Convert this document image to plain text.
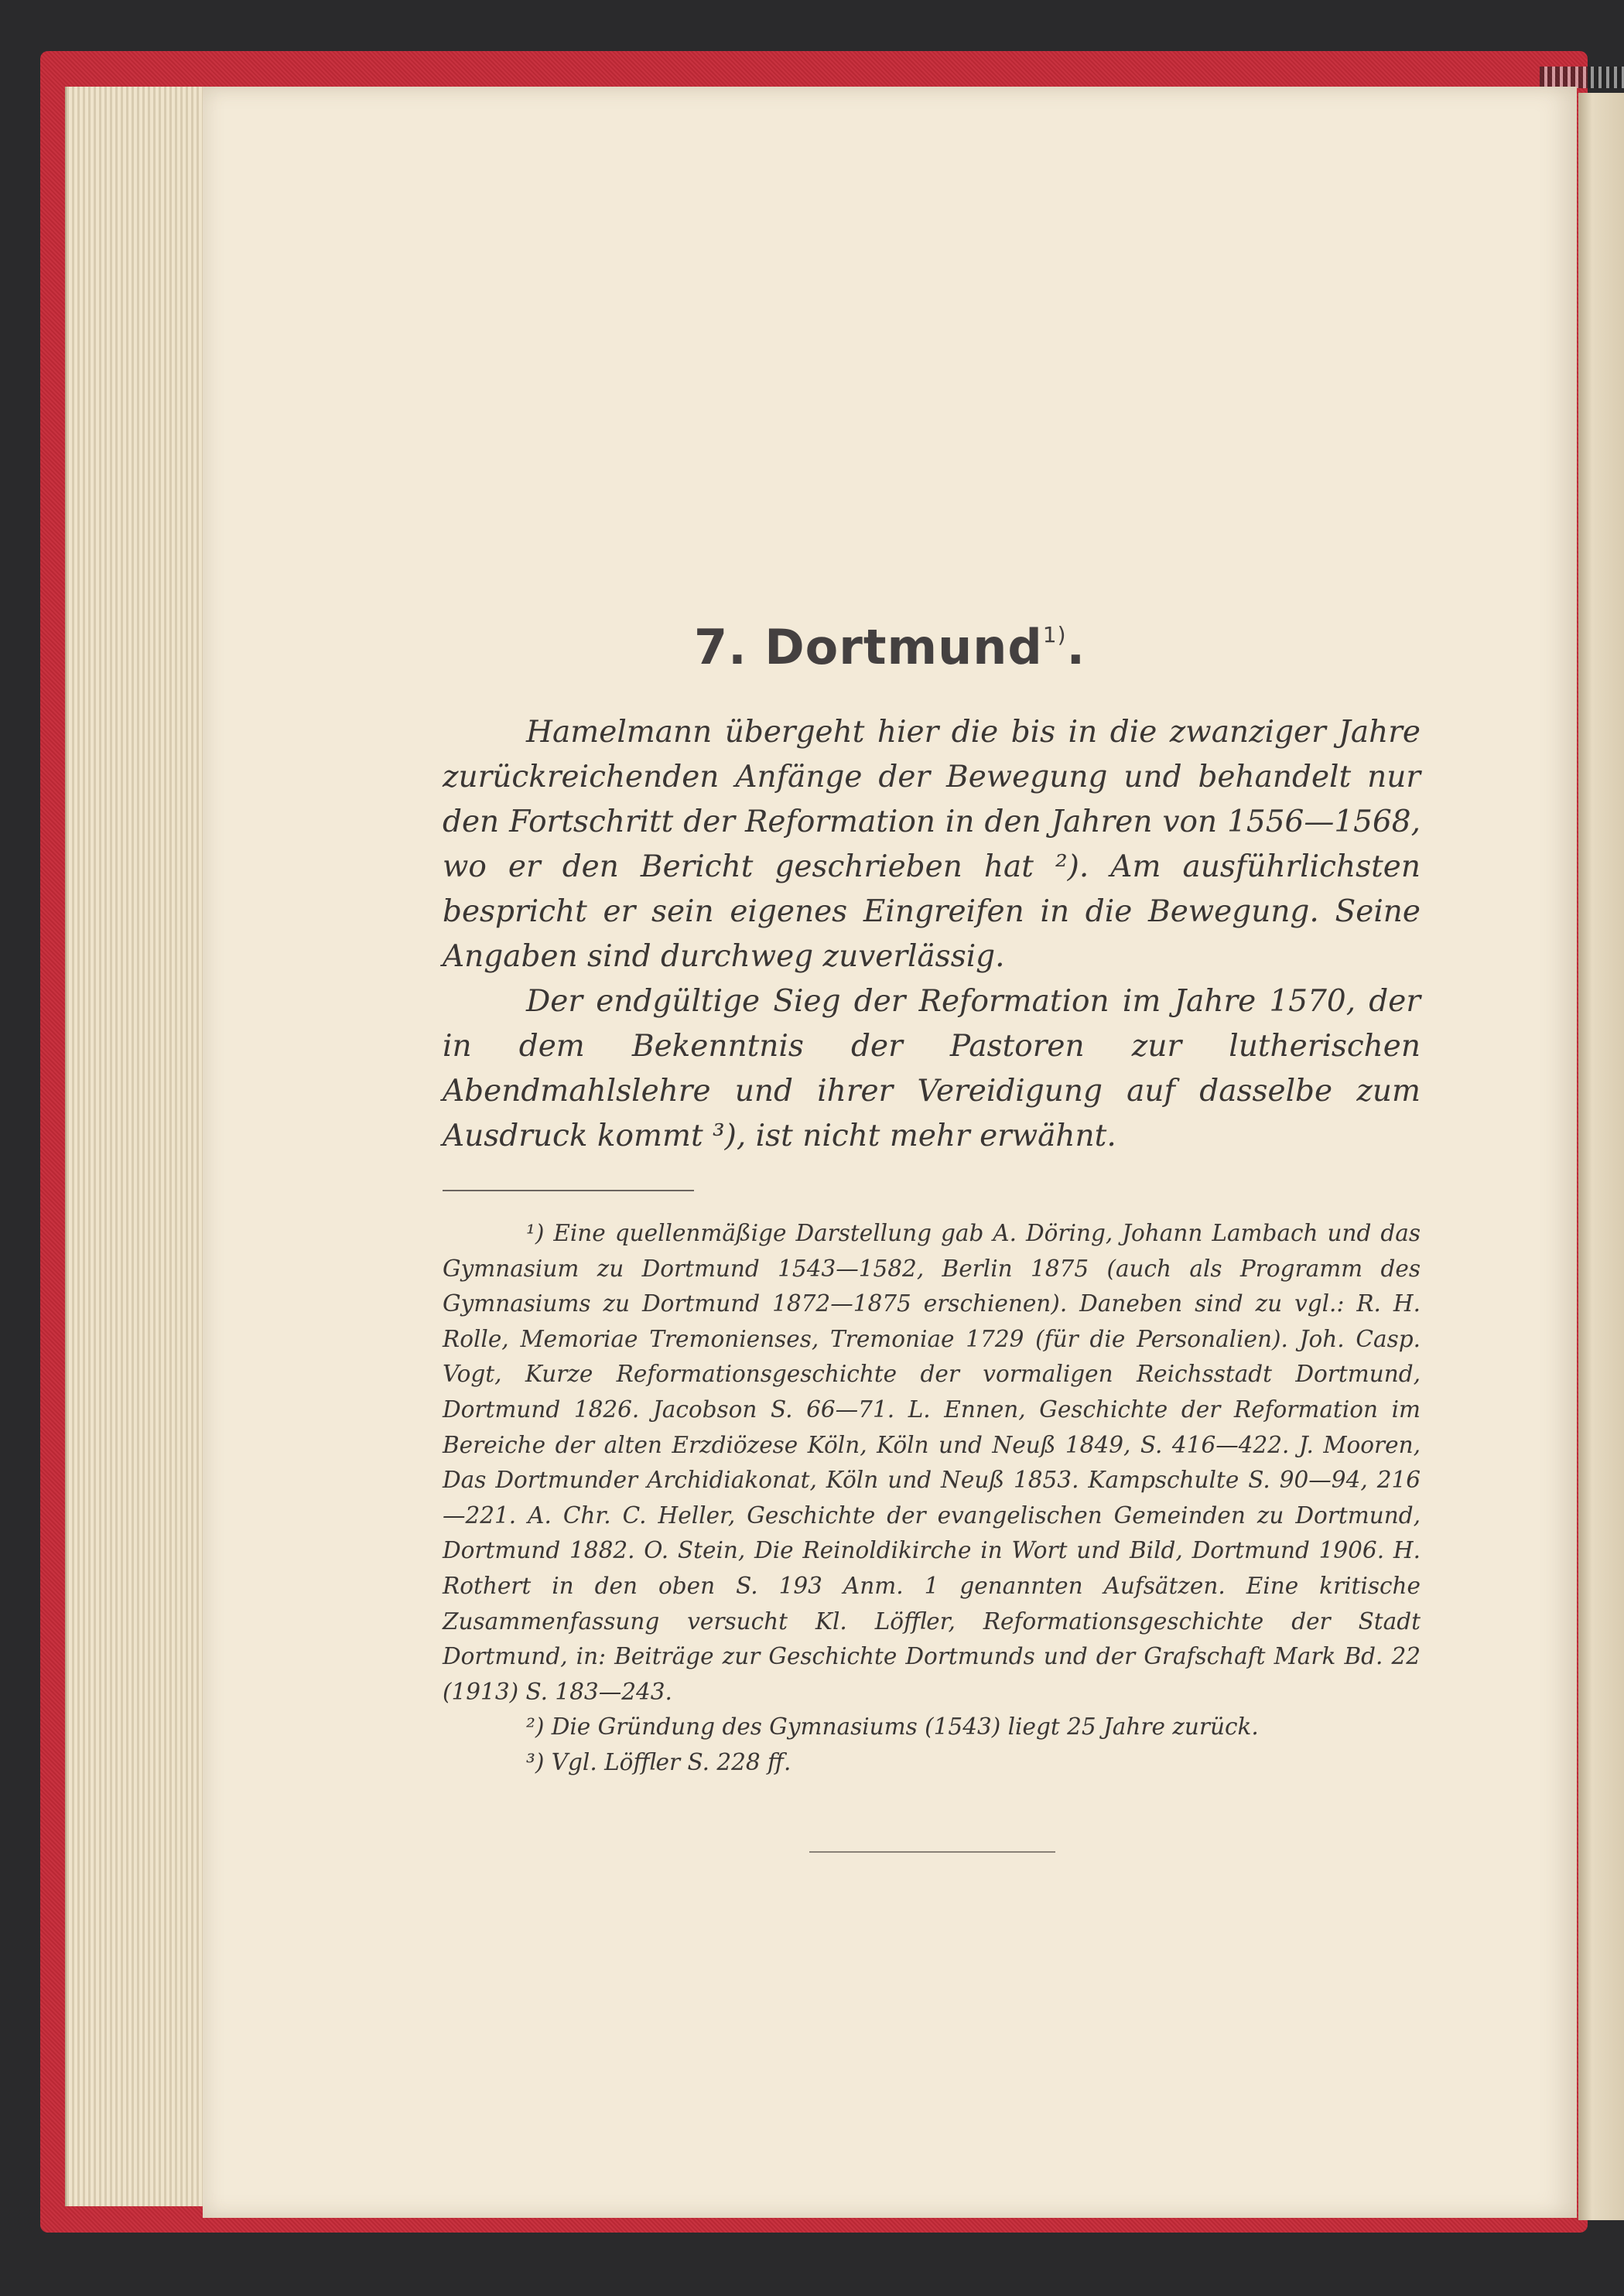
7. Dortmund$^{1)}$.

Hamelmann übergeht hier die bis in die zwanziger Jahre zurückreichenden Anfänge der Bewegung und behandelt nur den Fortschritt der Reformation in den Jahren von 1556—1568, wo er den Bericht geschrieben hat ²). Am ausführlichsten bespricht er sein eigenes Eingreifen in die Bewegung. Seine Angaben sind durchweg zuverlässig.

Der endgültige Sieg der Reformation im Jahre 1570, der in dem Bekenntnis der Pastoren zur lutherischen Abendmahlslehre und ihrer Vereidigung auf dasselbe zum Ausdruck kommt ³), ist nicht mehr erwähnt.

¹) Eine quellenmäßige Darstellung gab A. Döring, Johann Lambach und das Gymnasium zu Dortmund 1543—1582, Berlin 1875 (auch als Programm des Gymnasiums zu Dortmund 1872—1875 erschienen). Daneben sind zu vgl.: R. H. Rolle, Memoriae Tremonienses, Tremoniae 1729 (für die Personalien). Joh. Casp. Vogt, Kurze Reformationsgeschichte der vormaligen Reichsstadt Dortmund, Dortmund 1826. Jacobson S. 66—71. L. Ennen, Geschichte der Reformation im Bereiche der alten Erzdiözese Köln, Köln und Neuß 1849, S. 416—422. J. Mooren, Das Dortmunder Archidiakonat, Köln und Neuß 1853. Kampschulte S. 90—94, 216—221. A. Chr. C. Heller, Geschichte der evangelischen Gemeinden zu Dortmund, Dortmund 1882. O. Stein, Die Reinoldikirche in Wort und Bild, Dortmund 1906. H. Rothert in den oben S. 193 Anm. 1 genannten Aufsätzen. Eine kritische Zusammenfassung versucht Kl. Löffler, Reformationsgeschichte der Stadt Dortmund, in: Beiträge zur Geschichte Dortmunds und der Grafschaft Mark Bd. 22 (1913) S. 183—243.

²) Die Gründung des Gymnasiums (1543) liegt 25 Jahre zurück.

³) Vgl. Löffler S. 228 ff.
